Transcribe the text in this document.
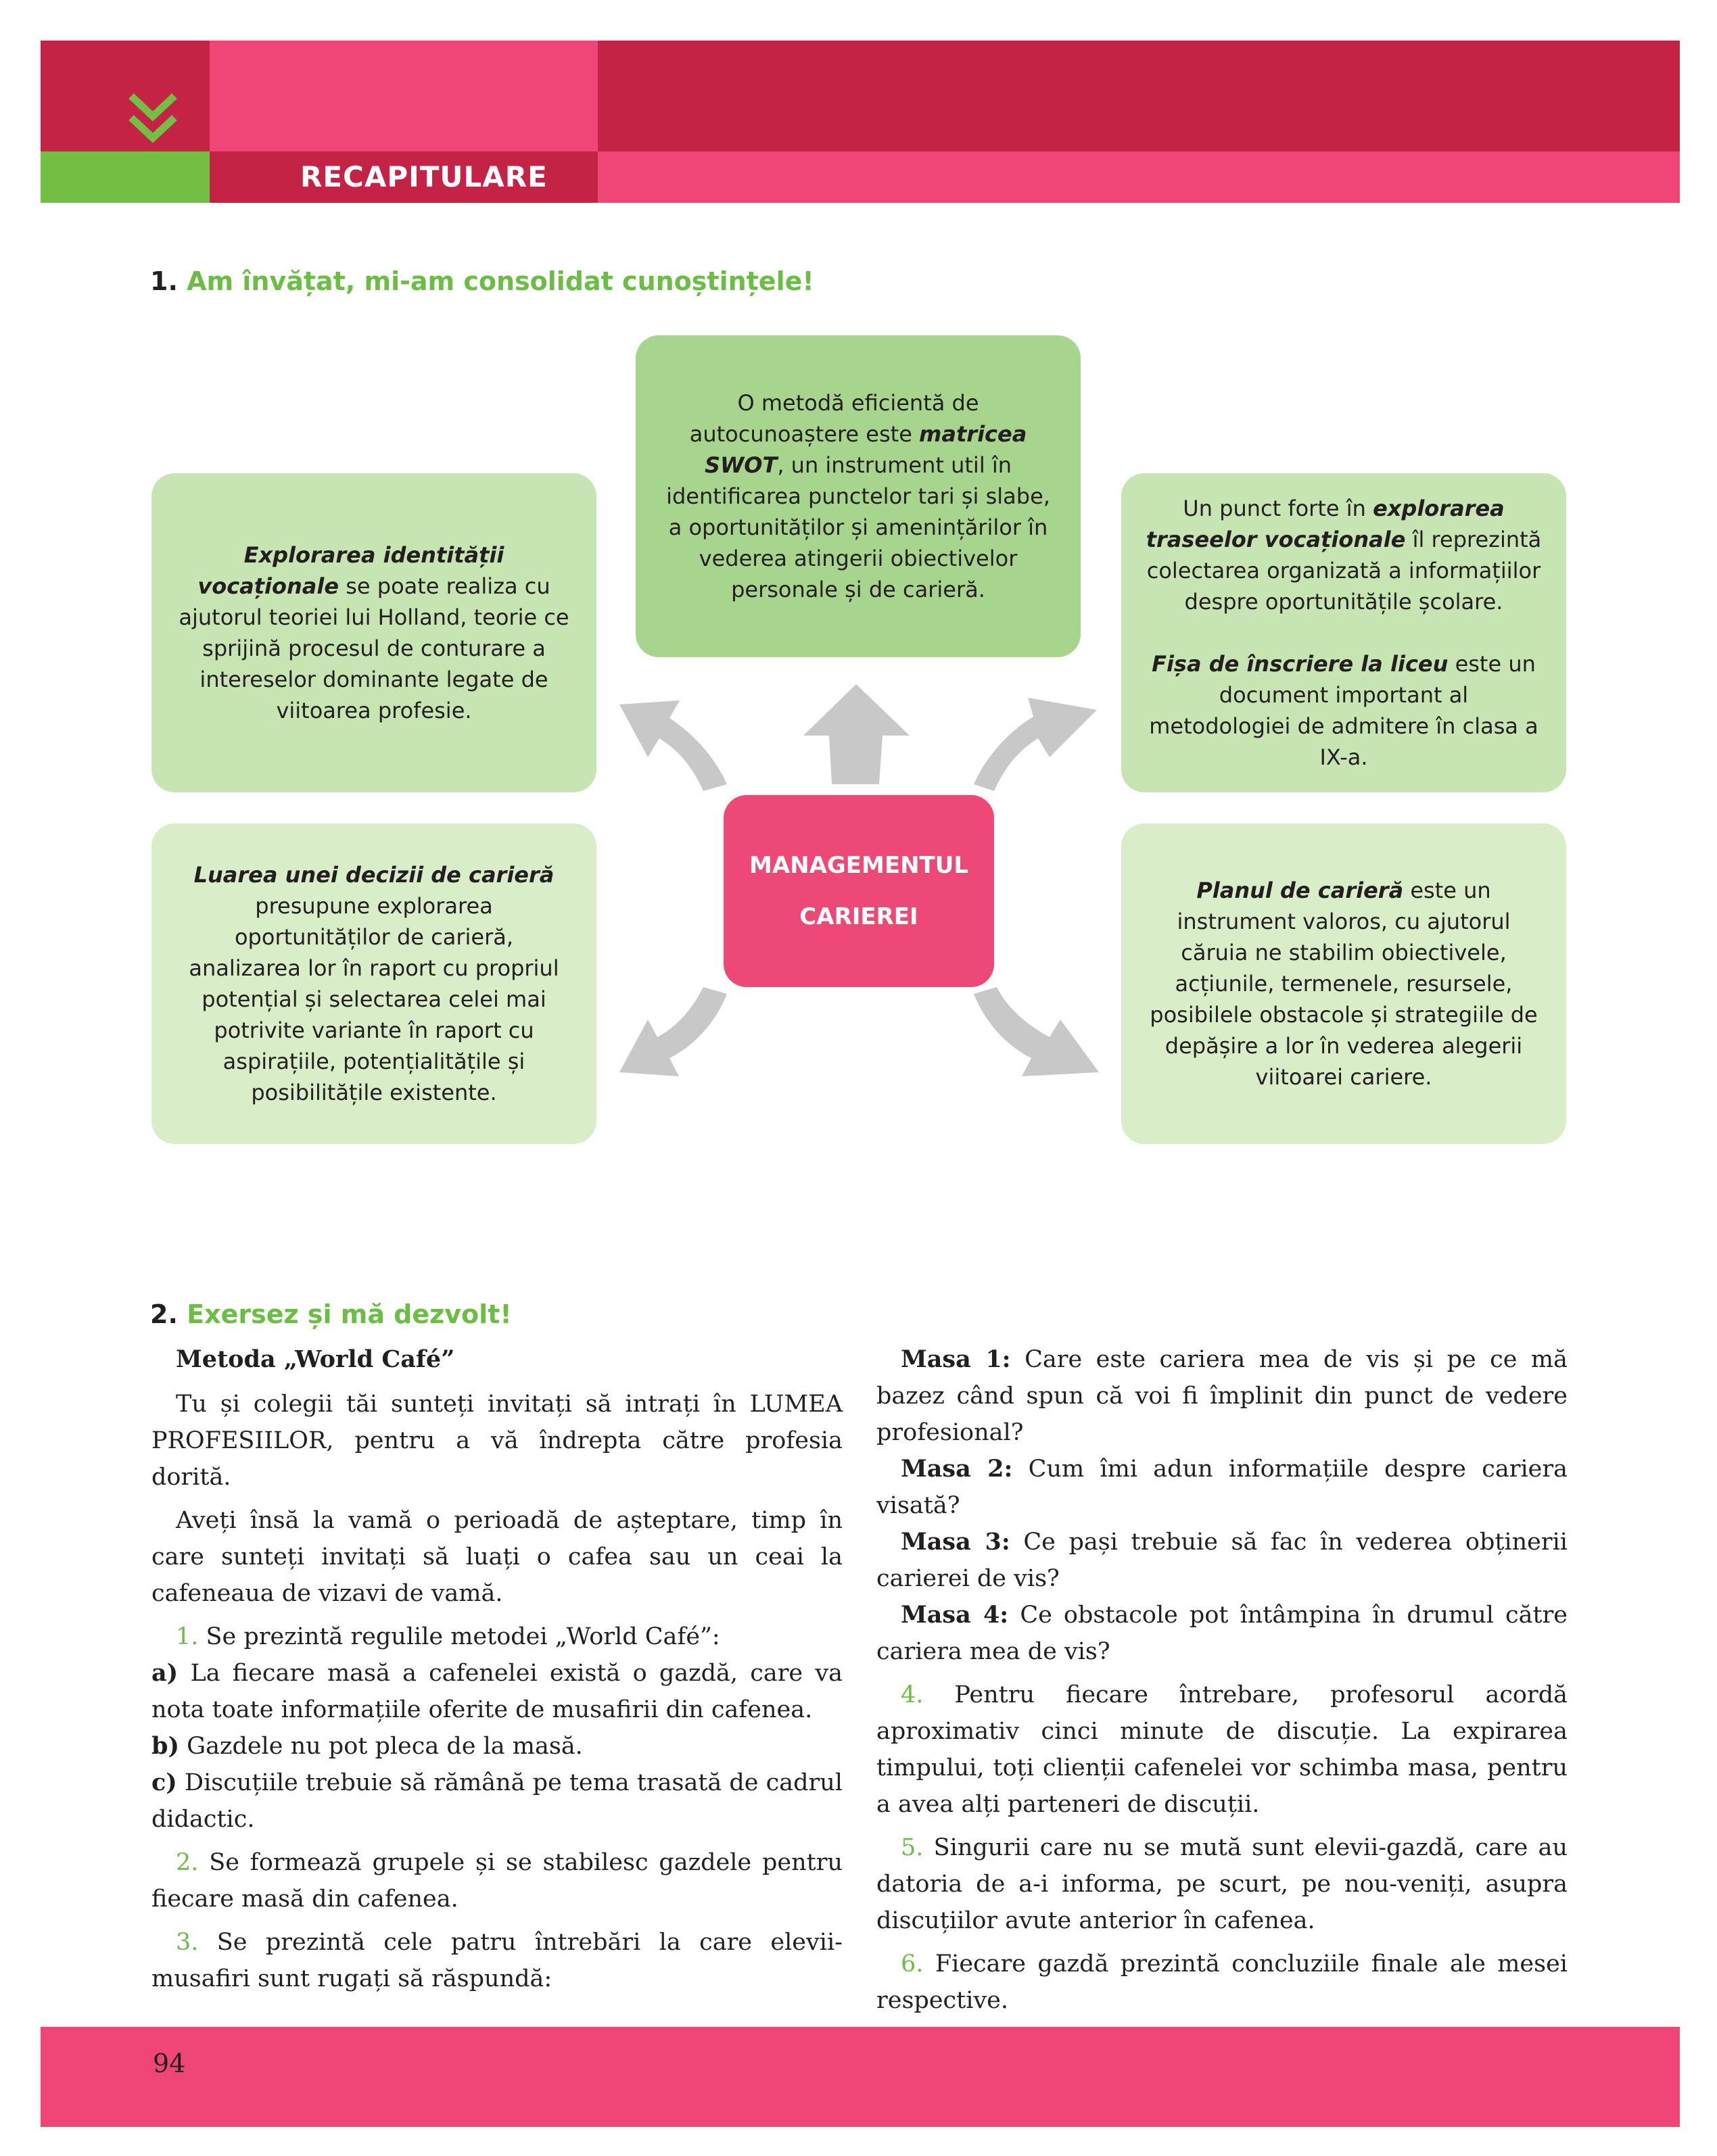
RECAPITULARE
1. Am învățat, mi-am consolidat cunoștințele!

O metodă eficientă de autocunoaștere este matricea SWOT, un instrument util în identificarea punctelor tari și slabe, a oportunităților și amenințărilor în vederea atingerii obiectivelor personale și de carieră.

Explorarea identității vocaționale se poate realiza cu ajutorul teoriei lui Holland, teorie ce sprijină procesul de conturare a intereselor dominante legate de viitoarea profesie.

Un punct forte în explorarea traseelor vocaționale îl reprezintă colectarea organizată a informațiilor despre oportunitățile școlare.

Fișa de înscriere la liceu este un document important al metodologiei de admitere în clasa a IX-a.

MANAGEMENTUL

CARIEREI

Luarea unei decizii de carieră presupune explorarea oportunităților de carieră, analizarea lor în raport cu propriul potențial și selectarea celei mai potrivite variante în raport cu aspirațiile, potențialitățile și posibilitățile existente.

Planul de carieră este un instrument valoros, cu ajutorul căruia ne stabilim obiectivele, acțiunile, termenele, resursele, posibilele obstacole și strategiile de depășire a lor în vederea alegerii viitoarei cariere.

2. Exersez și mă dezvolt!

Metoda „World Café”

Tu și colegii tăi sunteți invitați să intrați în LUMEA PROFESIILOR, pentru a vă îndrepta către profesia dorită.

Aveți însă la vamă o perioadă de așteptare, timp în care sunteți invitați să luați o cafea sau un ceai la cafeneaua de vizavi de vamă.

1. Se prezintă regulile metodei „World Café”:

a) La fiecare masă a cafenelei există o gazdă, care va nota toate informațiile oferite de musafirii din cafenea.

b) Gazdele nu pot pleca de la masă.

c) Discuțiile trebuie să rămână pe tema trasată de cadrul didactic.

2. Se formează grupele și se stabilesc gazdele pentru fiecare masă din cafenea.

3. Se prezintă cele patru întrebări la care elevii-musafiri sunt rugați să răspundă:

Masa 1: Care este cariera mea de vis și pe ce mă bazez când spun că voi fi împlinit din punct de vedere profesional?

Masa 2: Cum îmi adun informațiile despre cariera visată?

Masa 3: Ce pași trebuie să fac în vederea obținerii carierei de vis?

Masa 4: Ce obstacole pot întâmpina în drumul către cariera mea de vis?

4. Pentru fiecare întrebare, profesorul acordă aproximativ cinci minute de discuție. La expirarea timpului, toți clienții cafenelei vor schimba masa, pentru a avea alți parteneri de discuții.

5. Singurii care nu se mută sunt elevii-gazdă, care au datoria de a-i informa, pe scurt, pe nou-veniți, asupra discuțiilor avute anterior în cafenea.

6. Fiecare gazdă prezintă concluziile finale ale mesei respective.

94
